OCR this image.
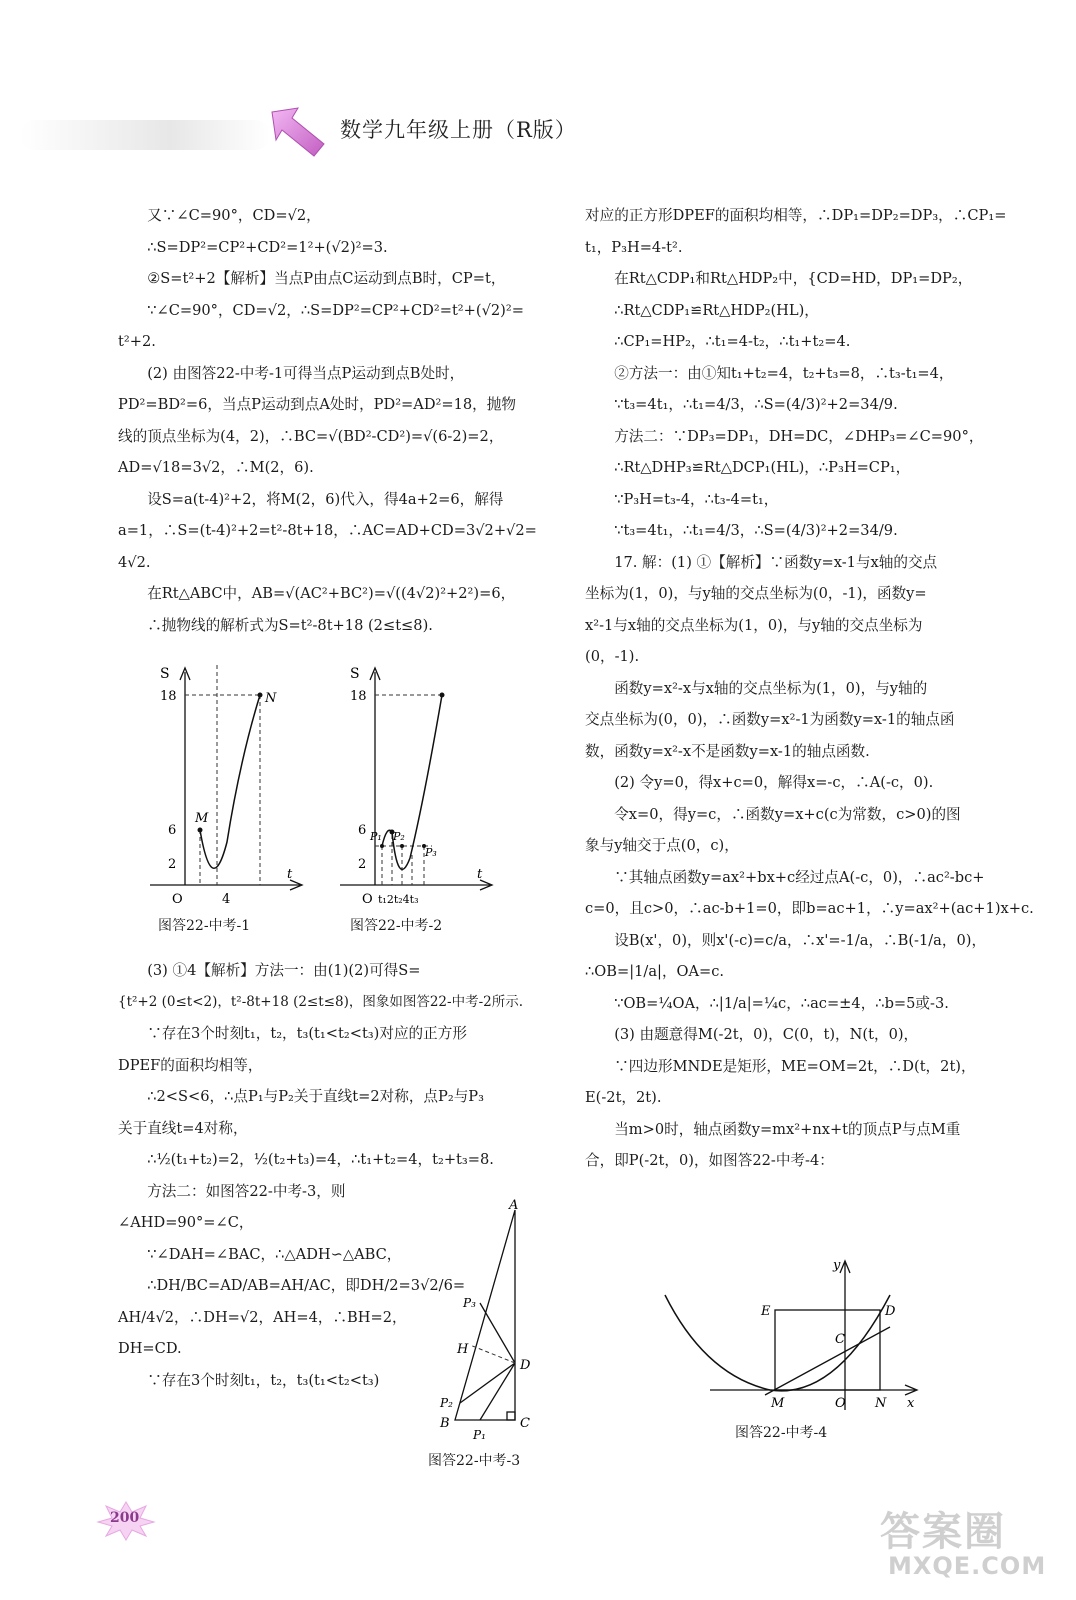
数学九年级上册（R版）

又∵∠C=90°，CD=√2，

∴S=DP²=CP²+CD²=1²+(√2)²=3.

②S=t²+2【解析】当点P由点C运动到点B时，CP=t，

∵∠C=90°，CD=√2，∴S=DP²=CP²+CD²=t²+(√2)²=

t²+2.

(2) 由图答22-中考-1可得当点P运动到点B处时，

PD²=BD²=6，当点P运动到点A处时，PD²=AD²=18，抛物

线的顶点坐标为(4，2)，∴BC=√(BD²-CD²)=√(6-2)=2，

AD=√18=3√2，∴M(2，6).

设S=a(t-4)²+2，将M(2，6)代入，得4a+2=6，解得

a=1，∴S=(t-4)²+2=t²-8t+18，∴AC=AD+CD=3√2+√2=

4√2.

在Rt△ABC中，AB=√(AC²+BC²)=√((4√2)²+2²)=6，

∴抛物线的解析式为S=t²-8t+18 (2≤t≤8).

S
18
6
2
O	4
t
M
N
图答22-中考-1
S
18
6
2
O t₁2t₂4t₃
t
P₁ P₂
P₃
图答22-中考-2

(3) ①4【解析】方法一：由(1)(2)可得S=

{t²+2 (0≤t<2)，t²-8t+18 (2≤t≤8)，图象如图答22-中考-2所示.

∵存在3个时刻t₁，t₂，t₃(t₁<t₂<t₃)对应的正方形

DPEF的面积均相等，

∴2<S<6，∴点P₁与P₂关于直线t=2对称，点P₂与P₃

关于直线t=4对称，

∴½(t₁+t₂)=2，½(t₂+t₃)=4，∴t₁+t₂=4，t₂+t₃=8.

方法二：如图答22-中考-3，则

∠AHD=90°=∠C，

∵∠DAH=∠BAC，∴△ADH∽△ABC，

∴DH/BC=AD/AB=AH/AC，即DH/2=3√2/6=

AH/4√2，∴DH=√2，AH=4，∴BH=2，

DH=CD.

∵存在3个时刻t₁，t₂，t₃(t₁<t₂<t₃)

A
B	C
D
H
P₁
P₂
P₃
图答22-中考-3

对应的正方形DPEF的面积均相等，∴DP₁=DP₂=DP₃，∴CP₁=

t₁，P₃H=4-t².

在Rt△CDP₁和Rt△HDP₂中，{CD=HD，DP₁=DP₂，

∴Rt△CDP₁≌Rt△HDP₂(HL)，

∴CP₁=HP₂，∴t₁=4-t₂，∴t₁+t₂=4.

②方法一：由①知t₁+t₂=4，t₂+t₃=8，∴t₃-t₁=4，

∵t₃=4t₁，∴t₁=4/3，∴S=(4/3)²+2=34/9.

方法二：∵DP₃=DP₁，DH=DC，∠DHP₃=∠C=90°，

∴Rt△DHP₃≌Rt△DCP₁(HL)，∴P₃H=CP₁，

∵P₃H=t₃-4，∴t₃-4=t₁，

∵t₃=4t₁，∴t₁=4/3，∴S=(4/3)²+2=34/9.

17. 解：(1) ①【解析】∵函数y=x-1与x轴的交点

坐标为(1，0)，与y轴的交点坐标为(0，-1)，函数y=

x²-1与x轴的交点坐标为(1，0)，与y轴的交点坐标为

(0，-1).

函数y=x²-x与x轴的交点坐标为(1，0)，与y轴的

交点坐标为(0，0)，∴函数y=x²-1为函数y=x-1的轴点函

数，函数y=x²-x不是函数y=x-1的轴点函数.

(2) 令y=0，得x+c=0，解得x=-c，∴A(-c，0).

令x=0，得y=c，∴函数y=x+c(c为常数，c>0)的图

象与y轴交于点(0，c)，

∵其轴点函数y=ax²+bx+c经过点A(-c，0)，∴ac²-bc+

c=0，且c>0，∴ac-b+1=0，即b=ac+1，∴y=ax²+(ac+1)x+c.

设B(x'，0)，则x'(-c)=c/a，∴x'=-1/a，∴B(-1/a，0)，

∴OB=|1/a|，OA=c.

∵OB=¼OA，∴|1/a|=¼c，∴ac=±4，∴b=5或-3.

(3) 由题意得M(-2t，0)，C(0，t)，N(t，0)，

∵四边形MNDE是矩形，ME=OM=2t，∴D(t，2t)，

E(-2t，2t).

当m>0时，轴点函数y=mx²+nx+t的顶点P与点M重

合，即P(-2t，0)，如图答22-中考-4：

y
x
O
E	D
C
M	N
图答22-中考-4
200	答案圈
MXQE.COM
